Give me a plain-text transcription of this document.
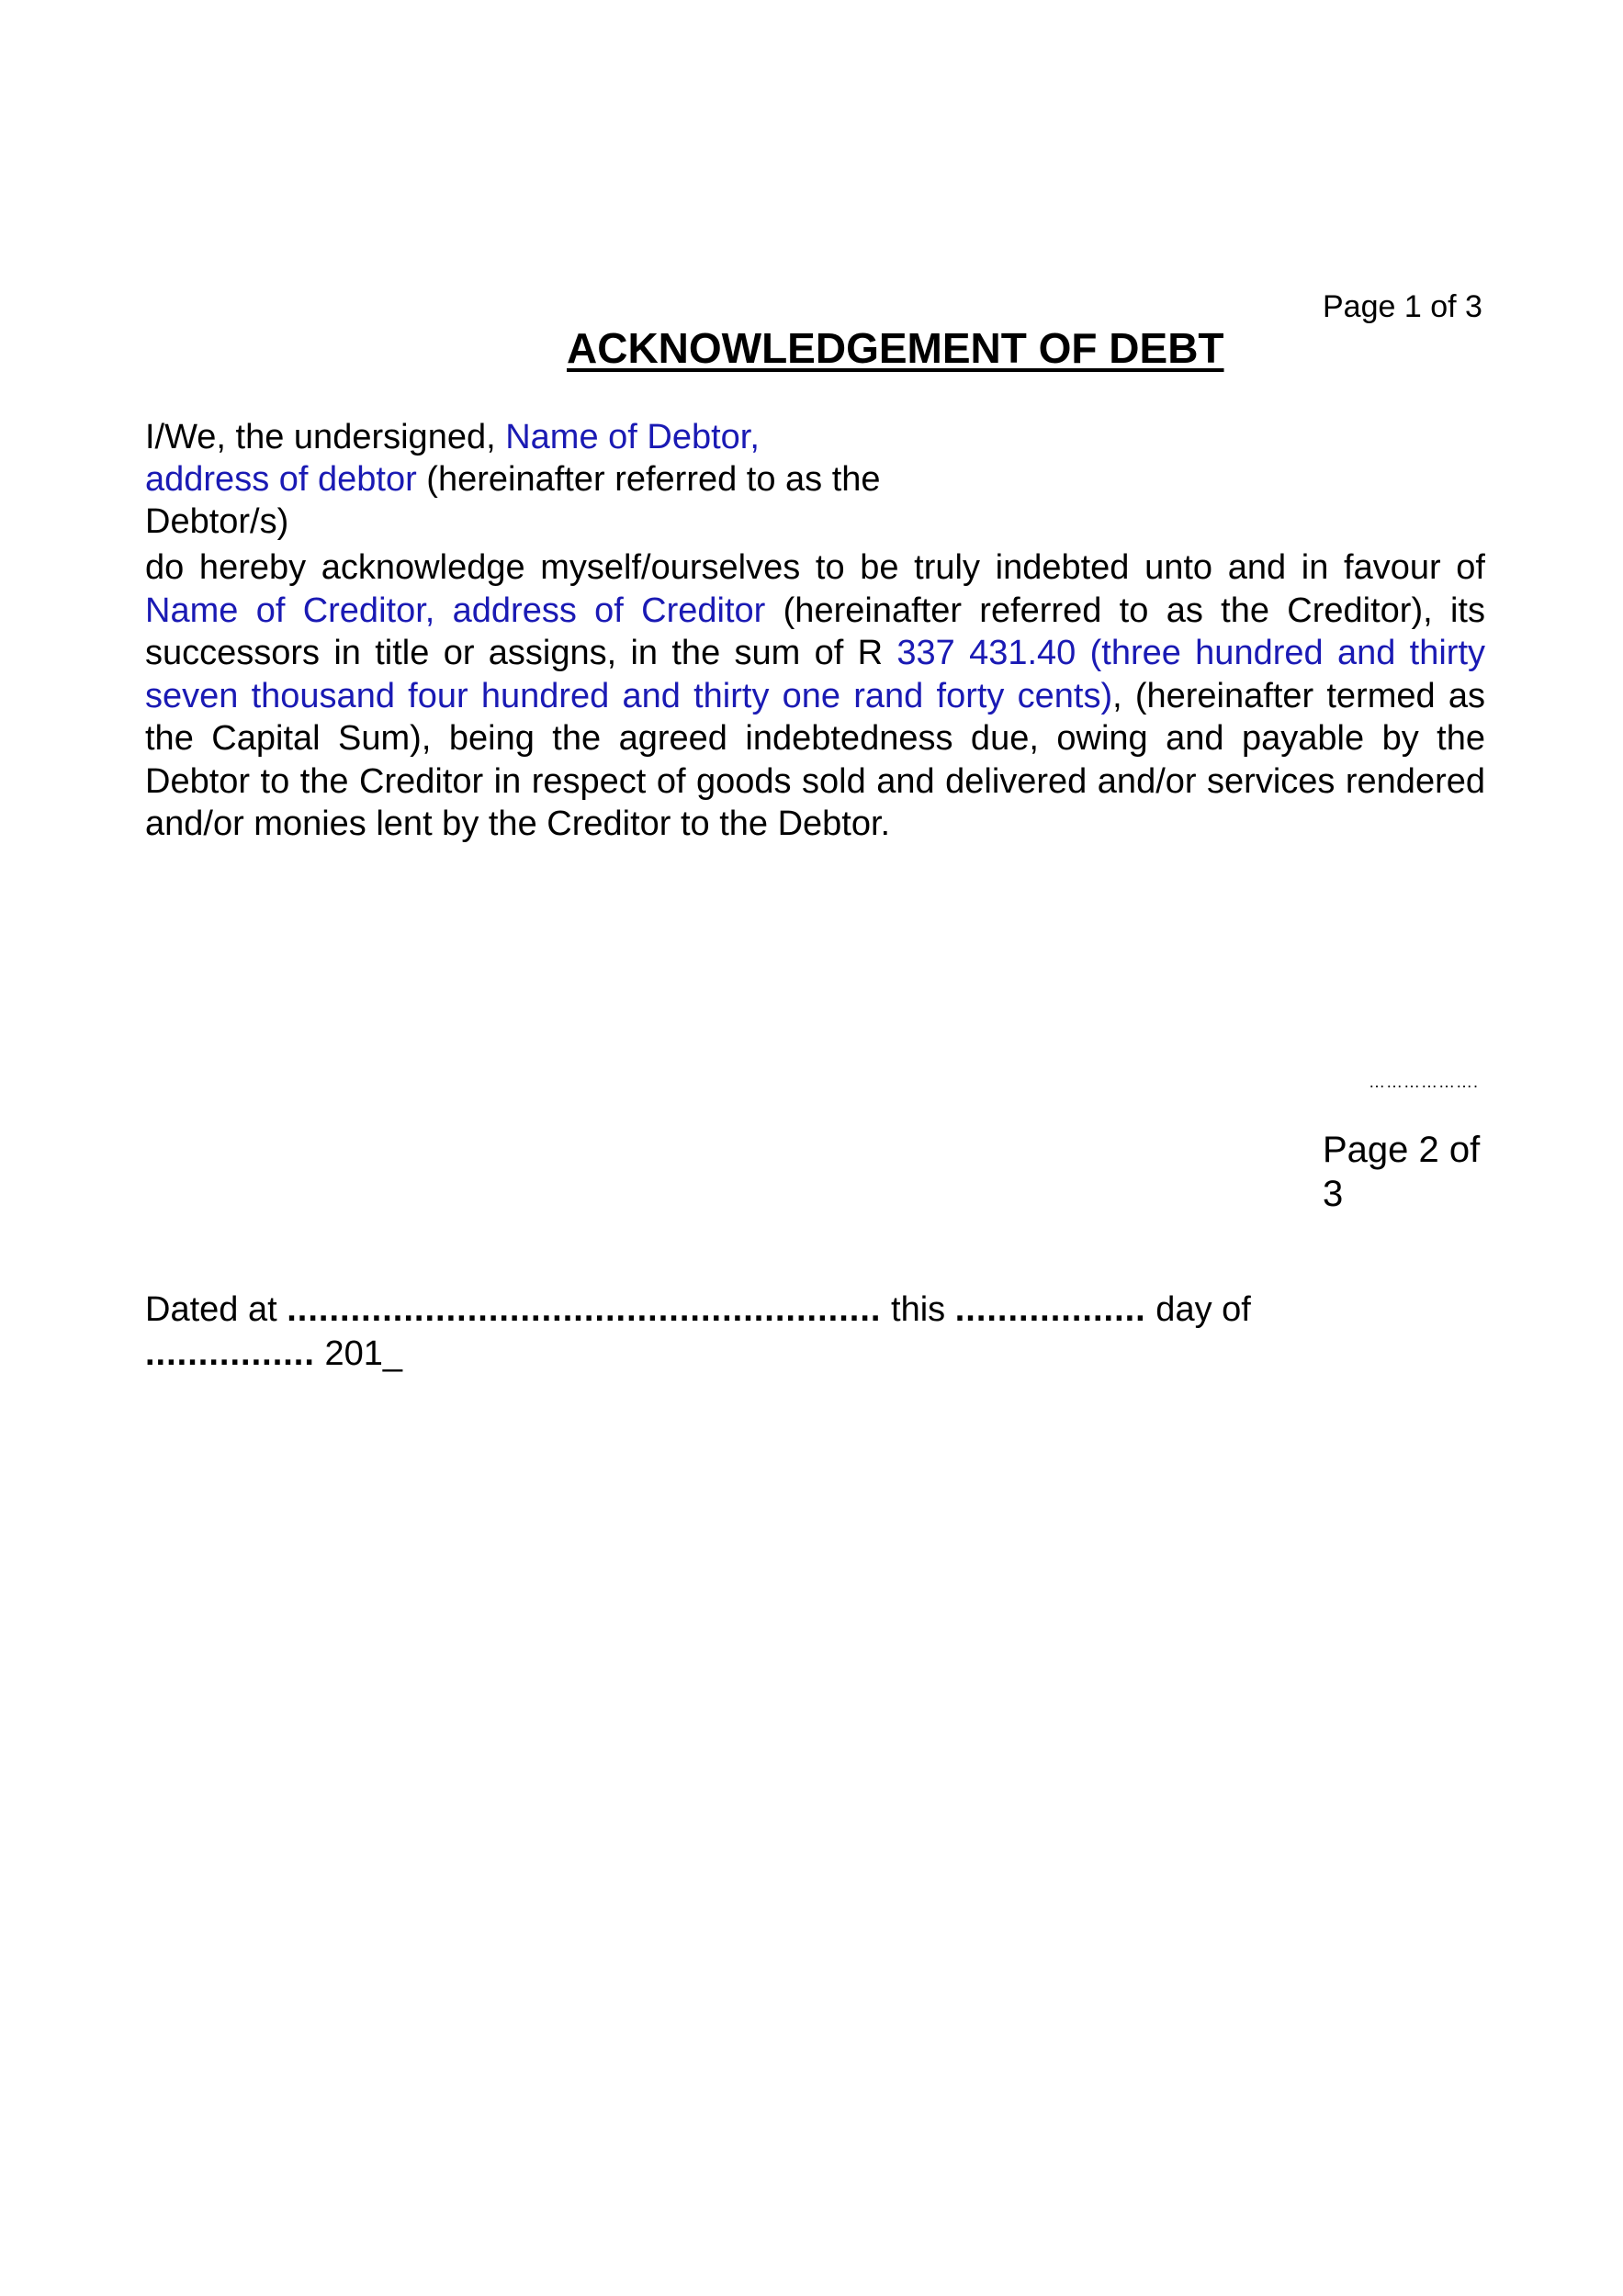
Page 1 of 3
ACKNOWLEDGEMENT OF DEBT
I/We, the undersigned, Name of Debtor,
address of debtor (hereinafter referred to as the Debtor/s)
do hereby acknowledge myself/ourselves to be truly indebted unto and in favour of Name of Creditor, address of Creditor (hereinafter referred to as the Creditor), its successors in title or assigns, in the sum of R 337 431.40 (three hundred and thirty seven thousand four hundred and thirty one rand forty cents), (hereinafter termed as the Capital Sum), being the agreed indebtedness due, owing and payable by the Debtor to the Creditor in respect of goods sold and delivered and/or services rendered and/or monies lent by the Creditor to the Debtor.
……………….
Page 2 of 3
Dated at ........................................................ this .................. day of
................ 201_
